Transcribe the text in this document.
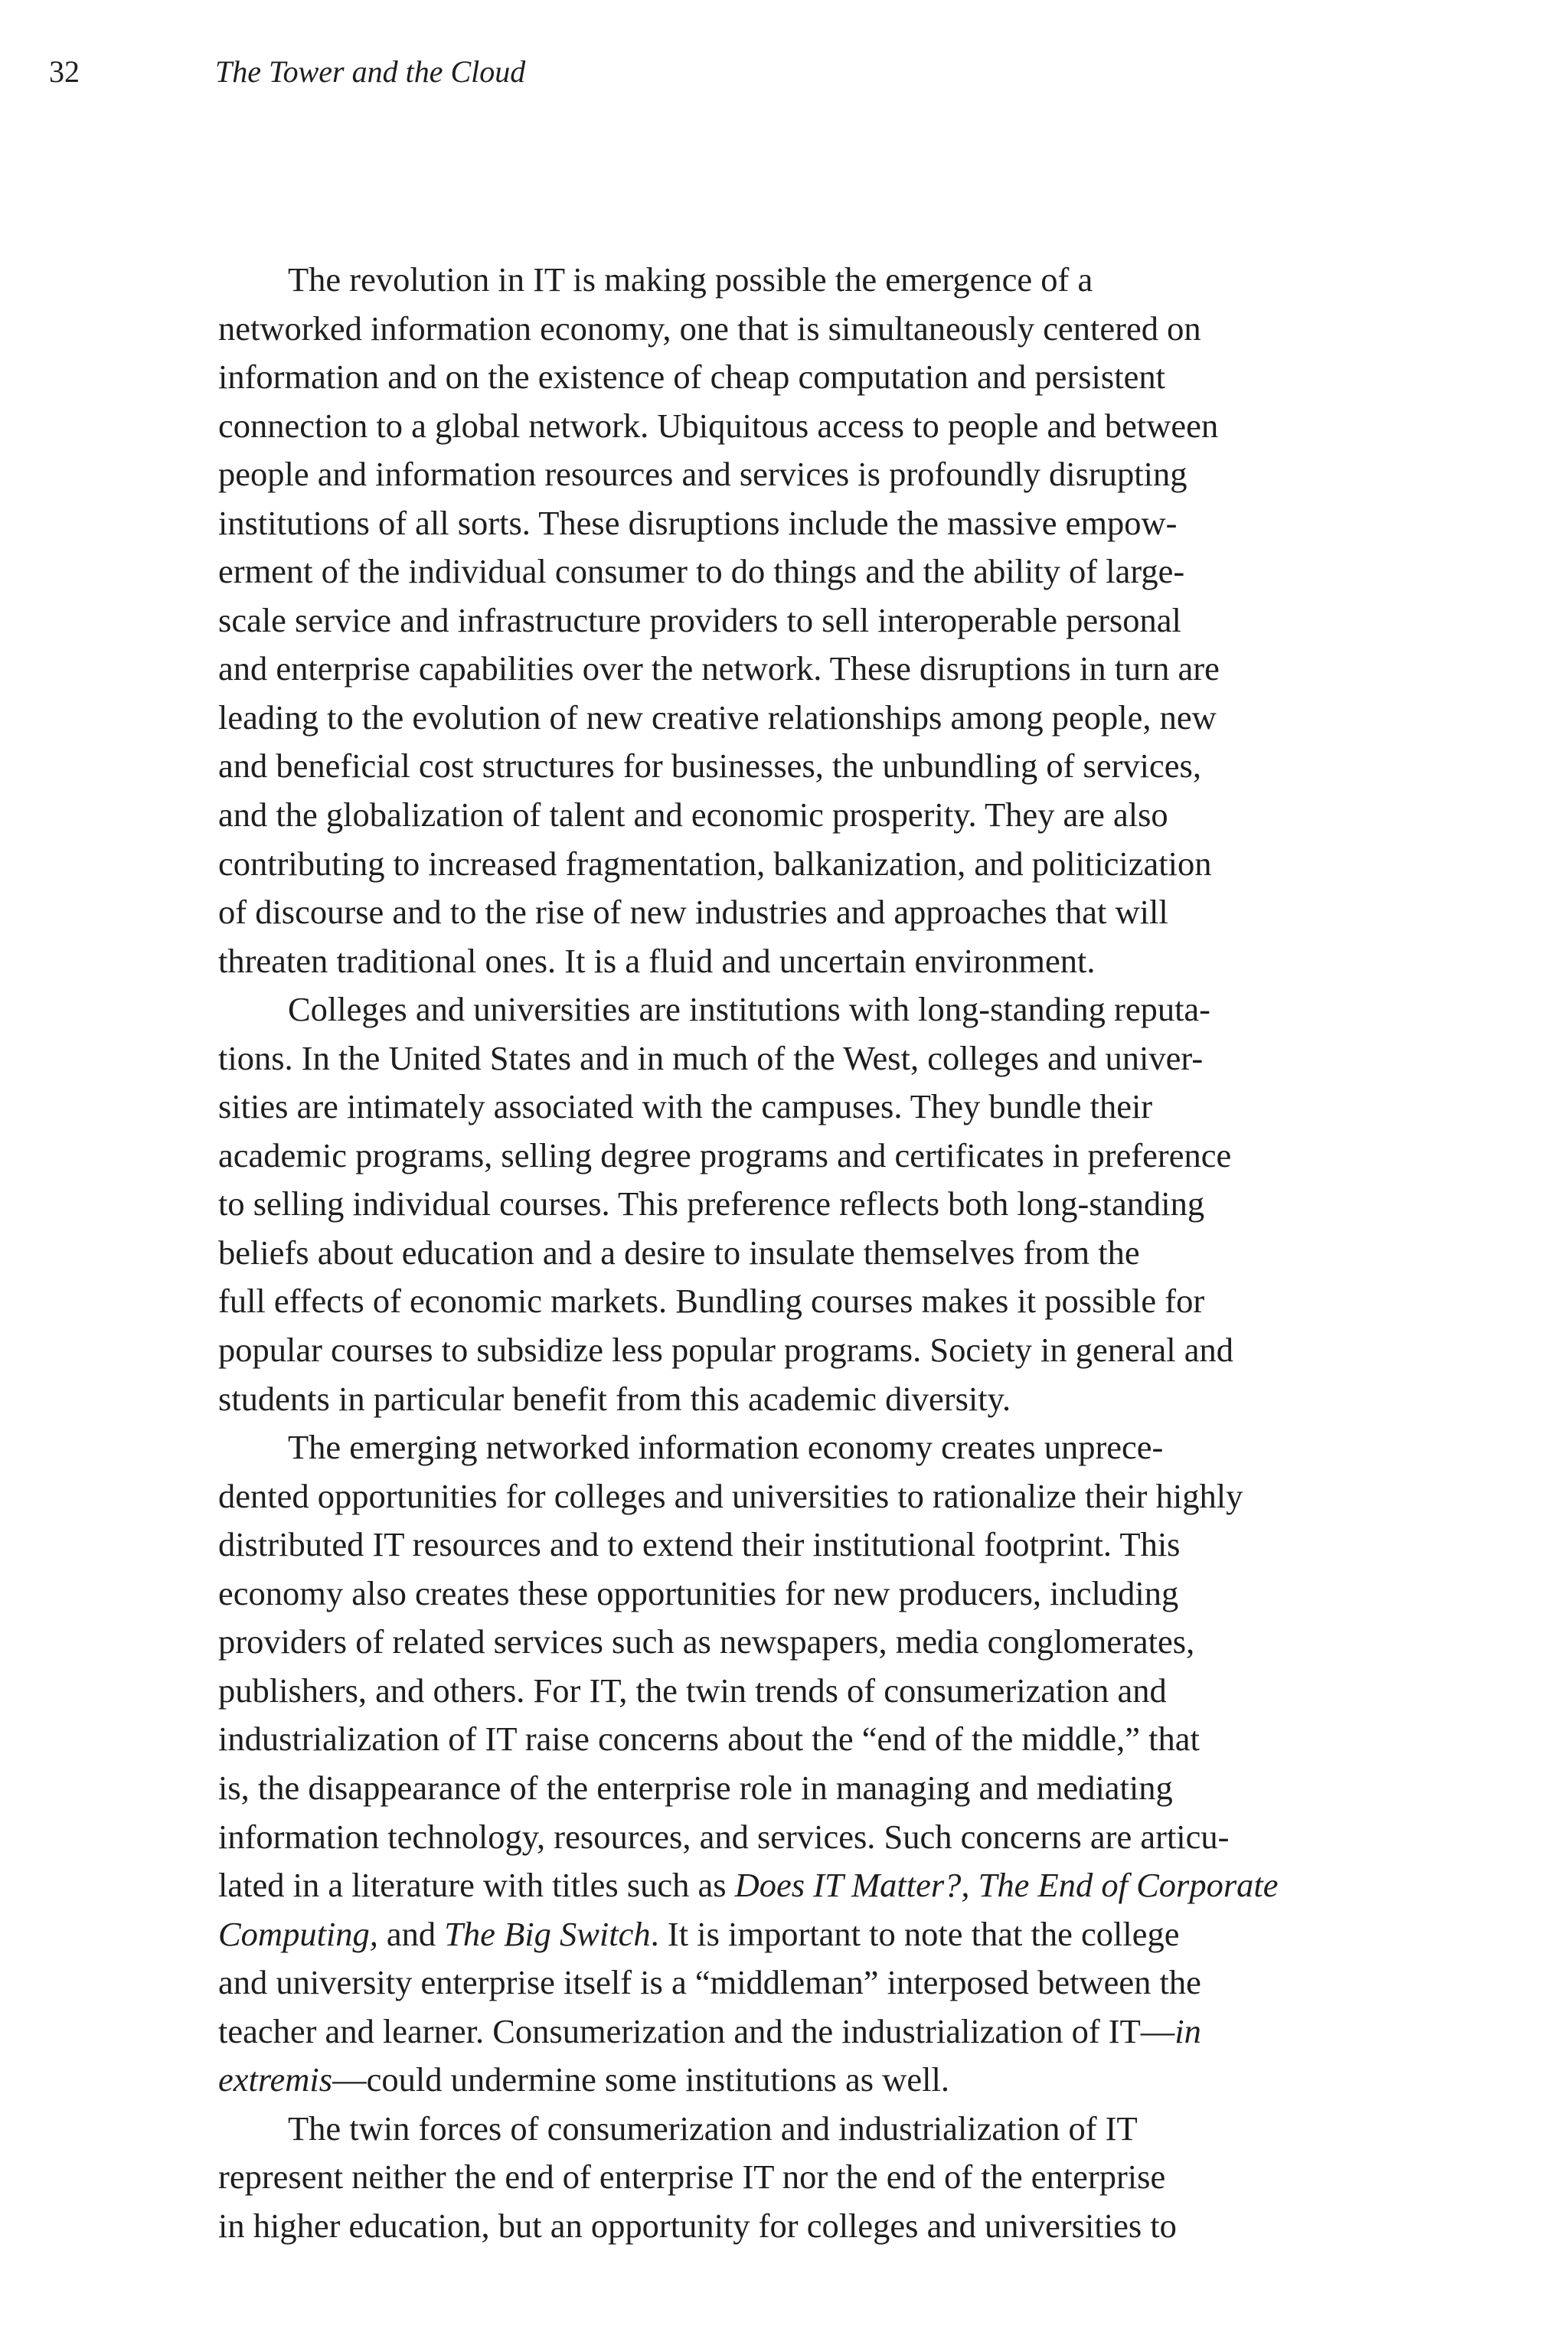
32	The Tower and the Cloud
The revolution in IT is making possible the emergence of a
networked information economy, one that is simultaneously centered on
information and on the existence of cheap computation and persistent
connection to a global network. Ubiquitous access to people and between
people and information resources and services is profoundly disrupting
institutions of all sorts. These disruptions include the massive empow-
erment of the individual consumer to do things and the ability of large-
scale service and infrastructure providers to sell interoperable personal
and enterprise capabilities over the network. These disruptions in turn are
leading to the evolution of new creative relationships among people, new
and beneficial cost structures for businesses, the unbundling of services,
and the globalization of talent and economic prosperity. They are also
contributing to increased fragmentation, balkanization, and politicization
of discourse and to the rise of new industries and approaches that will
threaten traditional ones. It is a fluid and uncertain environment.
Colleges and universities are institutions with long-standing reputa-
tions. In the United States and in much of the West, colleges and univer-
sities are intimately associated with the campuses. They bundle their
academic programs, selling degree programs and certificates in preference
to selling individual courses. This preference reflects both long-standing
beliefs about education and a desire to insulate themselves from the
full effects of economic markets. Bundling courses makes it possible for
popular courses to subsidize less popular programs. Society in general and
students in particular benefit from this academic diversity.
The emerging networked information economy creates unprece-
dented opportunities for colleges and universities to rationalize their highly
distributed IT resources and to extend their institutional footprint. This
economy also creates these opportunities for new producers, including
providers of related services such as newspapers, media conglomerates,
publishers, and others. For IT, the twin trends of consumerization and
industrialization of IT raise concerns about the “end of the middle,” that
is, the disappearance of the enterprise role in managing and mediating
information technology, resources, and services. Such concerns are articu-
lated in a literature with titles such as Does IT Matter?, The End of Corporate
Computing, and The Big Switch . It is important to note that the college
and university enterprise itself is a “middleman” interposed between the
teacher and learner. Consumerization and the industrialization of IT— in
extremis —could undermine some institutions as well.
The twin forces of consumerization and industrialization of IT
represent neither the end of enterprise IT nor the end of the enterprise
in higher education, but an opportunity for colleges and universities to
